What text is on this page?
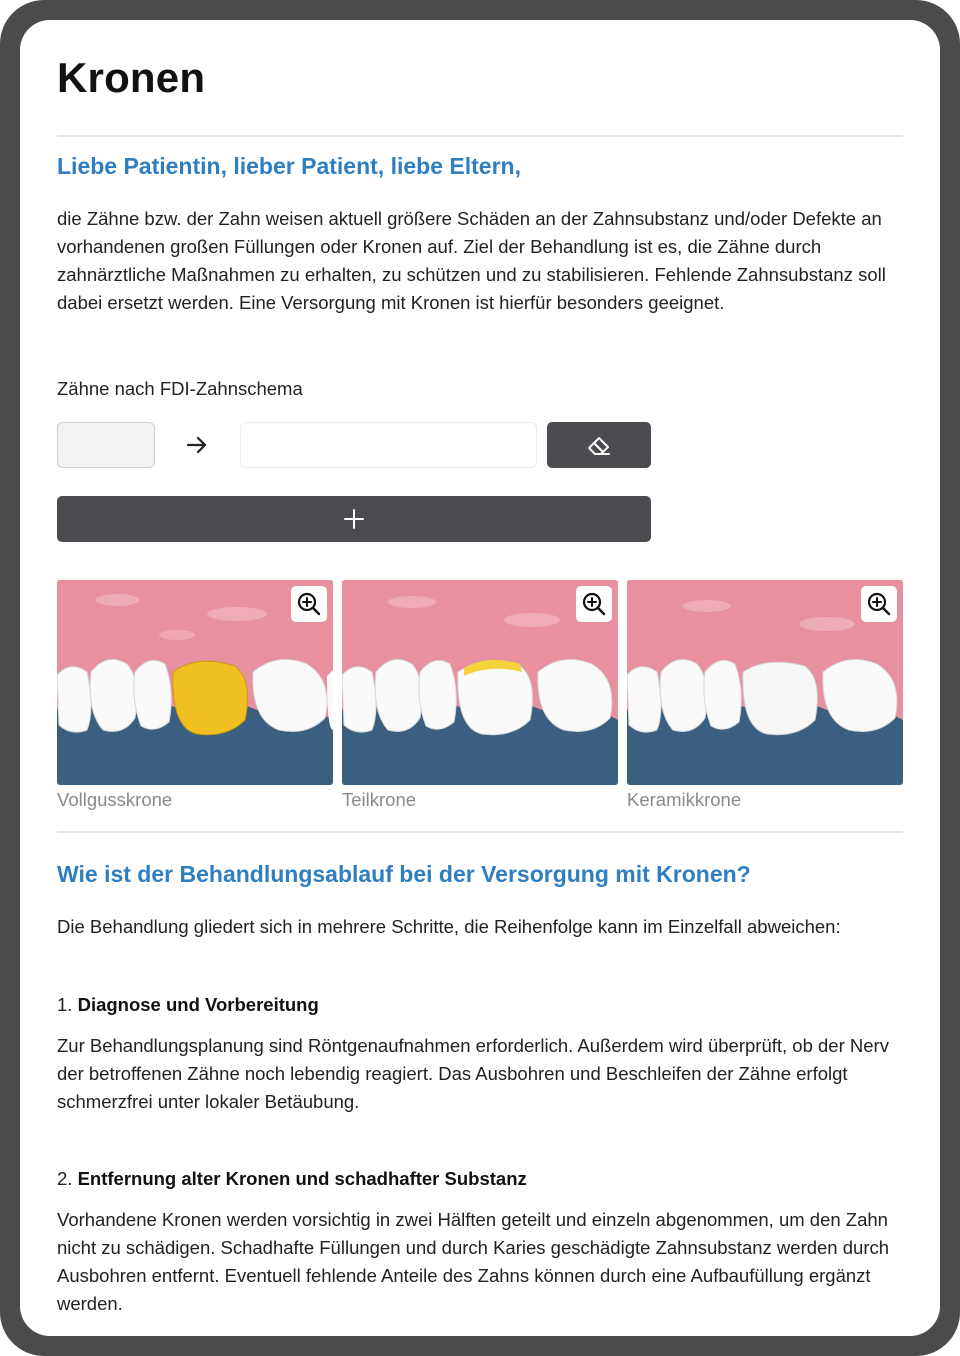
Kronen
Liebe Patientin, lieber Patient, liebe Eltern,

die Zähne bzw. der Zahn weisen aktuell größere Schäden an der Zahnsubstanz und/oder Defekte an vorhandenen großen Füllungen oder Kronen auf. Ziel der Behandlung ist es, die Zähne durch zahnärztliche Maßnahmen zu erhalten, zu schützen und zu stabilisieren. Fehlende Zahnsubstanz soll dabei ersetzt werden. Eine Versorgung mit Kronen ist hierfür besonders geeignet.

Zähne nach FDI-Zahnschema
Vollgusskrone	Teilkrone	Keramikkrone
Wie ist der Behandlungsablauf bei der Versorgung mit Kronen?

Die Behandlung gliedert sich in mehrere Schritte, die Reihenfolge kann im Einzelfall abweichen:

1. Diagnose und Vorbereitung

Zur Behandlungsplanung sind Röntgenaufnahmen erforderlich. Außerdem wird überprüft, ob der Nerv der betroffenen Zähne noch lebendig reagiert. Das Ausbohren und Beschleifen der Zähne erfolgt schmerzfrei unter lokaler Betäubung.

2. Entfernung alter Kronen und schadhafter Substanz

Vorhandene Kronen werden vorsichtig in zwei Hälften geteilt und einzeln abgenommen, um den Zahn nicht zu schädigen. Schadhafte Füllungen und durch Karies geschädigte Zahnsubstanz werden durch Ausbohren entfernt. Eventuell fehlende Anteile des Zahns können durch eine Aufbaufüllung ergänzt werden.
